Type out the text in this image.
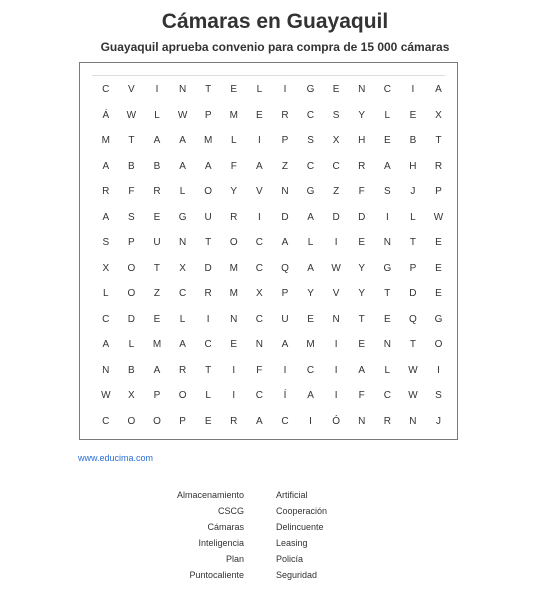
Cámaras en Guayaquil
Guayaquil aprueba convenio para compra de 15 000 cámaras
C	V	I	N	T	E	L	I	G	E	N	C	I	A
Á	W	L	W	P	M	E	R	C	S	Y	L	E	X
M	T	A	A	M	L	I	P	S	X	H	E	B	T
A	B	B	A	A	F	A	Z	C	C	R	A	H	R
R	F	R	L	O	Y	V	N	G	Z	F	S	J	P
A	S	E	G	U	R	I	D	A	D	D	I	L	W
S	P	U	N	T	O	C	A	L	I	E	N	T	E
X	O	T	X	D	M	C	Q	A	W	Y	G	P	E
L	O	Z	C	R	M	X	P	Y	V	Y	T	D	E
C	D	E	L	I	N	C	U	E	N	T	E	Q	G
A	L	M	A	C	E	N	A	M	I	E	N	T	O
N	B	A	R	T	I	F	I	C	I	A	L	W	I
W	X	P	O	L	I	C	Í	A	I	F	C	W	S
C	O	O	P	E	R	A	C	I	Ó	N	R	N	J
www.educima.com
Almacenamiento
CSCG
Cámaras
Inteligencia
Plan
Puntocaliente
Artificial
Cooperación
Delincuente
Leasing
Policía
Seguridad
